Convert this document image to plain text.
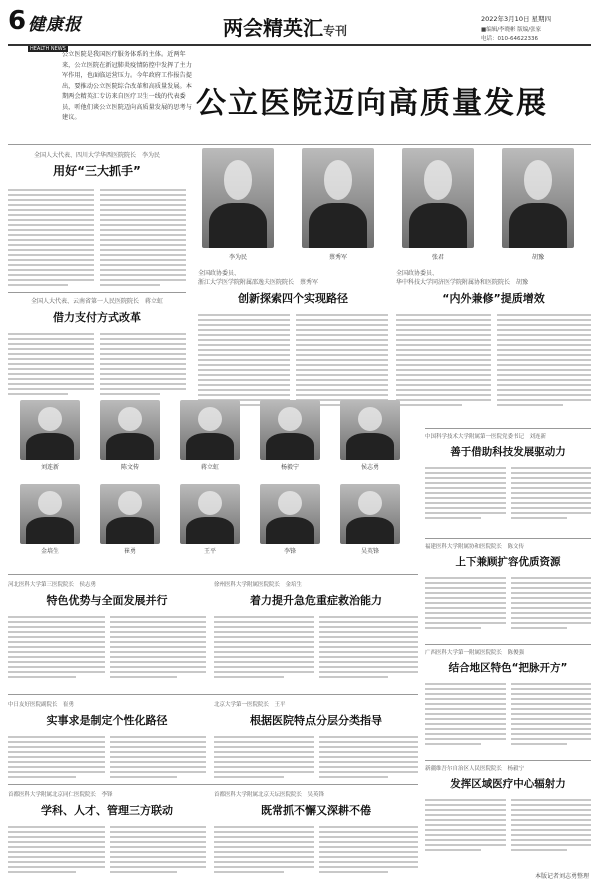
6 健康报
HEALTH NEWS
两会精英汇专刊
2022年3月10日 星期四
■编辑/李晓彬 版编/张家
电话：010-64622336
公立医院是我国医疗服务体系的主体。近两年来，公立医院在新冠肺炎疫情防控中发挥了主力军作用，也面临运营压力。今年政府工作报告提出，要推动公立医院综合改革和高质量发展。本期两会精英汇专访来自医疗卫生一线的代表委员，听他们谈公立医院迈向高质量发展的思考与建议。	公立医院迈向高质量发展
全国人大代表、四川大学华西医院院长　李为民
用好“三大抓手”
李为民	蔡秀军	张君	胡豫
全国人大代表、云南省第一人民医院院长　蒋立虹
借力支付方式改革
全国政协委员、
浙江大学医学院附属邵逸夫医院院长　蔡秀军
创新探索四个实现路径
全国政协委员、
华中科技大学同济医学院附属协和医院院长　胡豫
“内外兼修”提质增效
刘连新	陈文传	蒋立虹	杨毅宁	侯志勇
金培生	崔勇	王平	李锋	吴英锋
中国科学技术大学附属第一医院党委书记　刘连新
善于借助科技发展驱动力
福建医科大学附属协和医院院长　陈文传
上下兼顾扩容优质资源
广西医科大学第一附属医院院长　陈俊强
结合地区特色“把脉开方”
新疆维吾尔自治区人民医院院长　杨毅宁
发挥区域医疗中心辐射力
河北医科大学第三医院院长　侯志勇
特色优势与全面发展并行
徐州医科大学附属医院院长　金培生
着力提升急危重症救治能力
中日友好医院副院长　崔勇
实事求是制定个性化路径
北京大学第一医院院长　王平
根据医院特点分层分类指导
首都医科大学附属北京同仁医院院长　李锋
学科、人才、管理三方联动
首都医科大学附属北京天坛医院院长　吴英锋
既常抓不懈又深耕不倦
本版记者刘志勇整理
